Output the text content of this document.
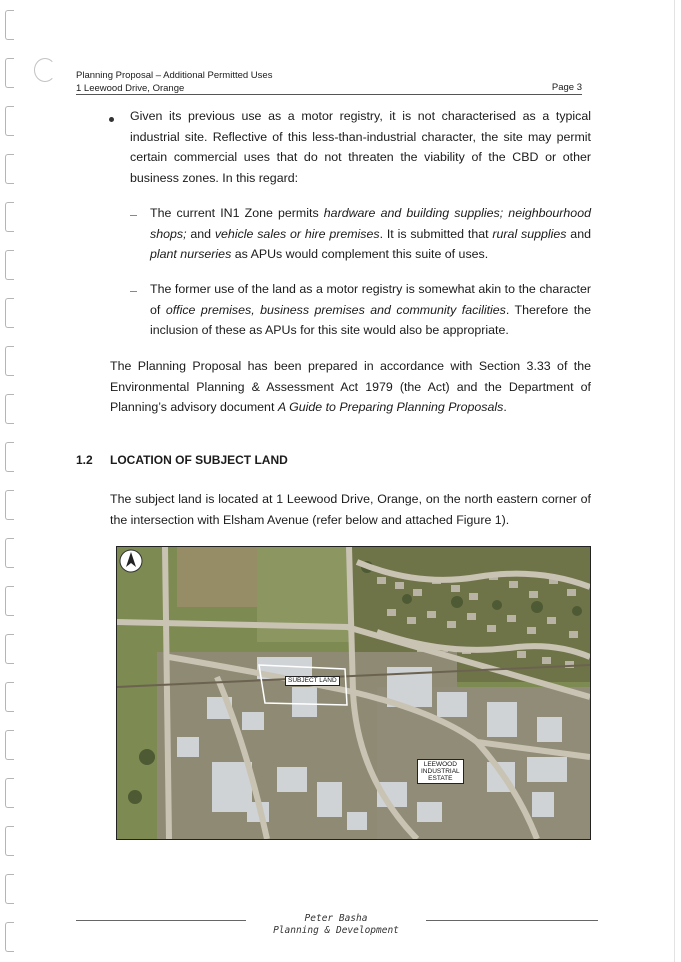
Planning Proposal – Additional Permitted Uses
1 Leewood Drive, Orange	Page 3

Given its previous use as a motor registry, it is not characterised as a typical industrial site. Reflective of this less-than-industrial character, the site may permit certain commercial uses that do not threaten the viability of the CBD or other business zones. In this regard:

The current IN1 Zone permits hardware and building supplies; neighbourhood shops; and vehicle sales or hire premises. It is submitted that rural supplies and plant nurseries as APUs would complement this suite of uses.

The former use of the land as a motor registry is somewhat akin to the character of office premises, business premises and community facilities. Therefore the inclusion of these as APUs for this site would also be appropriate.

The Planning Proposal has been prepared in accordance with Section 3.33 of the Environmental Planning & Assessment Act 1979 (the Act) and the Department of Planning’s advisory document A Guide to Preparing Planning Proposals.

1.2 LOCATION OF SUBJECT LAND

The subject land is located at 1 Leewood Drive, Orange, on the north eastern corner of the intersection with Elsham Avenue (refer below and attached Figure 1).

SUBJECT LAND
LEEWOOD
INDUSTRIAL
ESTATE
Peter Basha
Planning & Development
